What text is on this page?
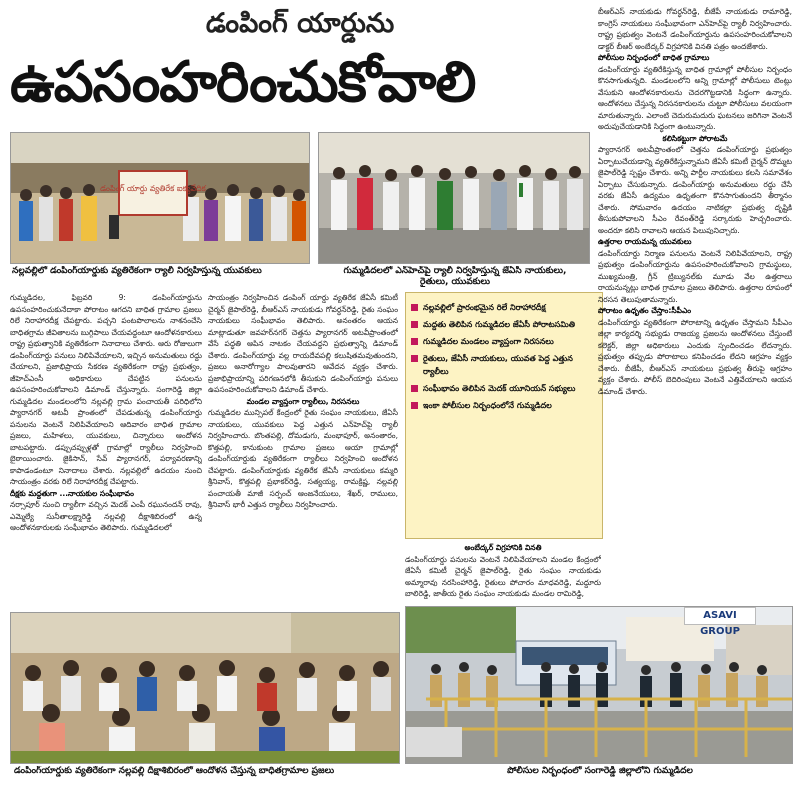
డంపింగ్ యార్డును
ఉపసంహరించుకోవాలి
డంపింగ్ యార్డు వ్యతిరేక ఐక్యవేదిక
నల్లవల్లిలో డంపింగ్‌యార్డుకు వ్యతిరేకంగా ర్యాలీ నిర్వహిస్తున్న యువకులు	గుమ్మడిదలలో ఎన్‌హెచ్‌పై ర్యాలీ నిర్వహిస్తున్న జేఏసీ నాయకులు, రైతులు, యువకులు

గుమ్మడిదల, ఫిబ్రవరి 9: డంపింగ్‌యార్డును ఉపసంహరించుకునేదాకా పోరాటం ఆగదని బాధిత గ్రామాల ప్రజలు రిలే నిరాహారదీక్ష చేపట్టారు. పచ్చని పంటపొలాలను నాశనంచేసి బాధితగ్రామ జీవితాలను బుగ్గిపాలు చేయవద్దంటూ ఆందోళనకారులు రాష్ట్ర ప్రభుత్వానికి వ్యతిరేకంగా నినాదాలు చేశారు. ఆరు రోజులుగా డంపింగ్‌యార్డు పనులు నిలిపివేయాలని, ఇచ్చిన అనుమతులు రద్దు చేయాలని, ప్రజాభిప్రాయ సేకరణ వ్యతిరేకంగా రాష్ట్ర ప్రభుత్వం, జీహెచ్‌ఎంసీ అధికారులు చేపట్టిన పనులను ఉపసంహరించుకోవాలని డిమాండ్ చేస్తున్నారు. సంగారెడ్డి జిల్లా గుమ్మడిదల మండలంలోని నల్లవల్లి గ్రామ పంచాయతీ పరిధిలోని ప్యారానగర్ అటవీ ప్రాంతంలో చేపడుతున్న డంపింగ్‌యార్డు పనులను వెంటనే నిలిపివేయాలని ఆదివారం బాధిత గ్రామాల ప్రజలు, మహిళలు, యువకులు, చిన్నారులు ఆందోళన బాటపట్టారు. డప్పుచప్పుళ్లతో గ్రామాల్లో ర్యాలీలు నిర్వహించి బైఠాయించారు. జైకిసాన్, సేవ్ ప్యారానగర్, పర్యావరణాన్ని కాపాడండంటూ నినాదాలు చేశారు. నల్లవల్లిలో ఉదయం నుంచి సాయంత్రం వరకు రిలే నిరాహారదీక్ష చేపట్టారు.

దీక్షకు మద్దతుగా ...నాయకుల సంఘీభావం

నర్సాపూర్ నుంచి ర్యాలీగా వచ్చిన మెదక్ ఎంపీ రఘునందన్ రావు, ఎమ్మెల్యే సునీతాలక్ష్మారెడ్డి నల్లవల్లి దీక్షాశిబిరంలో ఉన్న ఆందోళనకారులకు సంఘీభావం తెలిపారు. గుమ్మడిదలలో

సాయంత్రం నిర్వహించిన డంపింగ్ యార్డు వ్యతిరేక జేఏసీ కమిటీ చైర్మన్ జైపాల్‌రెడ్డి, బీఆర్‌ఎస్ నాయకుడు గోవర్ధన్‌రెడ్డి, రైతు సంఘం నాయకులు సంఘీభావం తెలిపారు. అనంతరం ఆయన మాట్లాడుతూ జవహర్‌నగర్ చెత్తను ప్యారానగర్ అటవీప్రాంతంలో వేసే పద్ధతి ఆపిన నాటకం చేయవద్దని ప్రభుత్వాన్ని డిమాండ్ చేశారు. డంపింగ్‌యార్డు వల్ల రాయదేవపల్లి కలుషితమవుతుందని, ప్రజలు అనారోగ్యాల పాలవుతారని ఆవేదన వ్యక్తం చేశారు. ప్రజాభిప్రాయాన్ని పరిగణనలోకి తీసుకుని డంపింగ్‌యార్డు పనులు ఉపసంహరించుకోవాలని డిమాండ్ చేశారు.

మండల వ్యాప్తంగా ర్యాలీలు, నిరసనలు

గుమ్మడిదల మున్సిపల్ కేంద్రంలో రైతు సంఘం నాయకులు, జేఏసీ నాయకులు, యువకులు పెద్ద ఎత్తున ఎన్‌హెచ్‌పై ర్యాలీ నిర్వహించారు. బొంతపల్లి, దోమడుగు, మంభాపూర్, అనంతారం, కొత్తపల్లి, కానుకుంట గ్రామాల ప్రజలు ఆయా గ్రామాల్లో డంపింగ్‌యార్డుకు వ్యతిరేకంగా ర్యాలీలు నిర్వహించి ఆందోళన చేపట్టారు. డంపింగ్‌యార్డుకు వ్యతిరేక జేఏసీ నాయకులు కమ్మరి శ్రీనివాస్, కొత్తపల్లి ప్రభాకర్‌రెడ్డి, సత్యయ్య, రామక్రిష్ణ, నల్లవల్లి పంచాయతీ మాజీ సర్పంచ్ ఆంజనేయులు, శేఖర్, రాములు, శ్రీనివాస్ భారీ ఎత్తున ర్యాలీలు నిర్వహించారు.

నల్లవల్లిలో ప్రారంభమైన రిలే నిరాహారదీక్ష
మద్దతు తెలిపిన గుమ్మడిదల జేఏసీ పోరాటసమితి
గుమ్మడిదల మండలం వ్యాప్తంగా నిరసనలు
రైతులు, జేఏసీ నాయకులు, యువత పెద్ద ఎత్తున ర్యాలీలు
సంఘీభావం తెలిపిన మెదక్ యూనియన్ సభ్యులు
ఇంకా పోలీసుల నిర్బంధంలోనే గుమ్మడిదల

అంబేద్కర్ విగ్రహానికి వినతి

డంపింగ్‌యార్డు పనులను వెంటనే నిలిపివేయాలని మండల కేంద్రంలో జేఏసీ కమిటీ చైర్మన్ జైపాల్‌రెడ్డి, రైతు సంఘం నాయకుడు అమ్మారావు నరసింహారెడ్డి, రైతులు పోచారం మాధవరెడ్డి, మద్దూరు బాలిరెడ్డి, జాతీయ రైతు సంఘం నాయకుడు మండల రామిరెడ్డి,

బీఆర్‌ఎస్ నాయకుడు గోవర్ధన్‌రెడ్డి, బీజేపీ నాయకుడు రామారెడ్డి, కాంగ్రెస్ నాయకులు సంఘీభావంగా ఎన్‌హెచ్‌పై ర్యాలీ నిర్వహించారు. రాష్ట్ర ప్రభుత్వం వెంటనే డంపింగ్‌యార్డును ఉపసంహరించుకోవాలని డాక్టర్ బీఆర్ అంబేద్కర్ విగ్రహానికి వినతి పత్రం అందజేశారు.

పోలీసుల నిర్బంధంలో బాధిత గ్రామాలు

డంపింగ్‌యార్డు వ్యతిరేకిస్తున్న బాధిత గ్రామాల్లో పోలీసుల నిర్బంధం కొనసాగుతున్నది. మండలంలోని అన్ని గ్రామాల్లో పోలీసులు టెంట్లు వేసుకుని ఆందోళనకారులను చెదరగొట్టడానికి సిద్ధంగా ఉన్నారు. ఆందోళనలు చేస్తున్న నిరసనకారులను చుట్టూ పోలీసులు వలయంగా మారుతున్నారు. ఎలాంటి చెదురుమదురు ఘటనలు జరిగినా వెంటనే అదుపుచేయడానికి సిద్ధంగా ఉంటున్నారు.

కలిసికట్టుగా పోరాటమే

ప్యారానగర్ అటవీప్రాంతంలో చెత్తను డంపింగ్‌యార్డు ప్రభుత్వం ఏర్పాటుచేయడాన్ని వ్యతిరేకిస్తున్నామని జేఏసీ కమిటీ చైర్మన్ దొమ్మట జైపాల్‌రెడ్డి స్పష్టం చేశారు. అన్ని పార్టీల నాయకులు కలసి సమావేశం ఏర్పాటు చేసుకున్నారు. డంపింగ్‌యార్డు అనుమతులు రద్దు చేసే వరకు జేఏసీ ఉద్యమం ఉధృతంగా కొనసాగుతుందని తీర్మానం చేశారు. సోమవారం ఉదయం నాటికల్లా ప్రభుత్వ దృష్టికి తీసుకుపోవాలని సీఎం రేవంత్‌రెడ్డి సర్కారుకు హెచ్చరించారు. అందరూ కలిసి రావాలని ఆయన పిలుపునిచ్చారు.

ఉత్తరాల రాయమన్న యువకులు

డంపింగ్‌యార్డు నిర్మాణ పనులను వెంటనే నిలిపివేయాలని, రాష్ట్ర ప్రభుత్వం డంపింగ్‌యార్డును ఉపసంహరించుకోవాలని గ్రామస్థులు, ముఖ్యమంత్రి, గ్రీన్ ట్రిబ్యునల్‌కు మూడు వేల ఉత్తరాలు రాయనున్నట్లు బాధిత గ్రామాల ప్రజలు తెలిపారు. ఉత్తరాల రూపంలో నిరసన తెలుపుతామన్నారు.

పోరాటం ఉధృతం చేస్తాం:సీపీఎం

డంపింగ్‌యార్డు వ్యతిరేకంగా పోరాటాన్ని ఉధృతం చేస్తామని సీపీఎం జిల్లా కార్యదర్శి సభ్యుడు రాజయ్య ప్రజలను ఆందోళనలు చేస్తుంటే కలెక్టర్, జిల్లా అధికారులు ఎందుకు స్పందించడం లేదన్నారు. ప్రభుత్వం తప్పుడు పోరాటాలు కనిపించడం లేదని ఆగ్రహం వ్యక్తం చేశారు. బీజేపీ, బీఆర్‌ఎస్ నాయకులు ప్రభుత్వ తీరుపై ఆగ్రహం వ్యక్తం చేశారు. పోలీస్ బెదిరింపులు వెంటనే ఎత్తివేయాలని ఆయన డిమాండ్ చేశారు.

డంపింగ్‌యార్డుకు వ్యతిరేకంగా నల్లవల్లి దీక్షాశిబిరంలో ఆందోళన చేస్తున్న బాధితగ్రామాల ప్రజలు
ASAVI GROUP
పోలీసుల నిర్బంధంలో సంగారెడ్డి జిల్లాలోని గుమ్మడిదల
